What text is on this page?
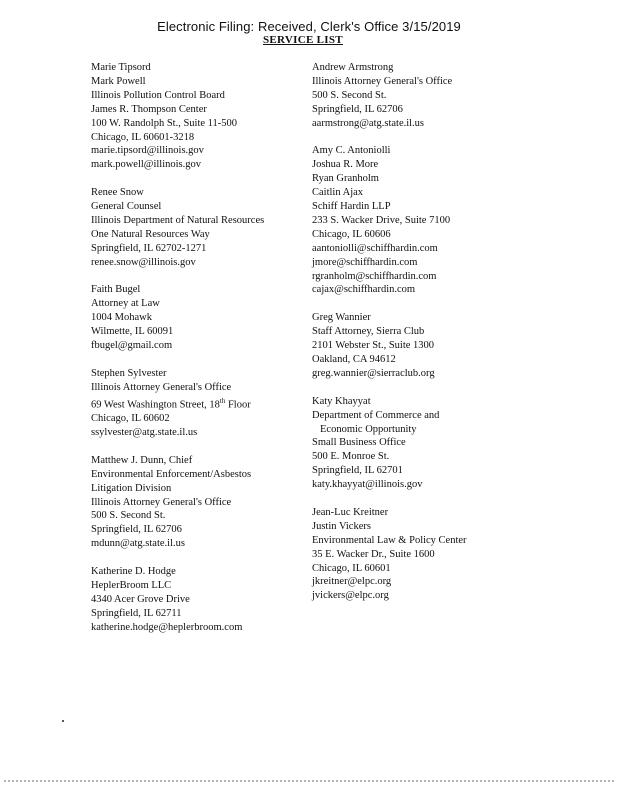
Electronic Filing: Received, Clerk's Office 3/15/2019
SERVICE LIST
Marie Tipsord
Mark Powell
Illinois Pollution Control Board
James R. Thompson Center
100 W. Randolph St., Suite 11-500
Chicago, IL 60601-3218
marie.tipsord@illinois.gov
mark.powell@illinois.gov
Renee Snow
General Counsel
Illinois Department of Natural Resources
One Natural Resources Way
Springfield, IL 62702-1271
renee.snow@illinois.gov
Faith Bugel
Attorney at Law
1004 Mohawk
Wilmette, IL 60091
fbugel@gmail.com
Stephen Sylvester
Illinois Attorney General's Office
69 West Washington Street, 18th Floor
Chicago, IL 60602
ssylvester@atg.state.il.us
Matthew J. Dunn, Chief
Environmental Enforcement/Asbestos
Litigation Division
Illinois Attorney General's Office
500 S. Second St.
Springfield, IL 62706
mdunn@atg.state.il.us
Katherine D. Hodge
HeplerBroom LLC
4340 Acer Grove Drive
Springfield, IL 62711
katherine.hodge@heplerbroom.com
Andrew Armstrong
Illinois Attorney General's Office
500 S. Second St.
Springfield, IL 62706
aarmstrong@atg.state.il.us
Amy C. Antoniolli
Joshua R. More
Ryan Granholm
Caitlin Ajax
Schiff Hardin LLP
233 S. Wacker Drive, Suite 7100
Chicago, IL 60606
aantoniolli@schiffhardin.com
jmore@schiffhardin.com
rgranholm@schiffhardin.com
cajax@schiffhardin.com
Greg Wannier
Staff Attorney, Sierra Club
2101 Webster St., Suite 1300
Oakland, CA 94612
greg.wannier@sierraclub.org
Katy Khayyat
Department of Commerce and
Economic Opportunity
Small Business Office
500 E. Monroe St.
Springfield, IL 62701
katy.khayyat@illinois.gov
Jean-Luc Kreitner
Justin Vickers
Environmental Law & Policy Center
35 E. Wacker Dr., Suite 1600
Chicago, IL 60601
jkreitner@elpc.org
jvickers@elpc.org
